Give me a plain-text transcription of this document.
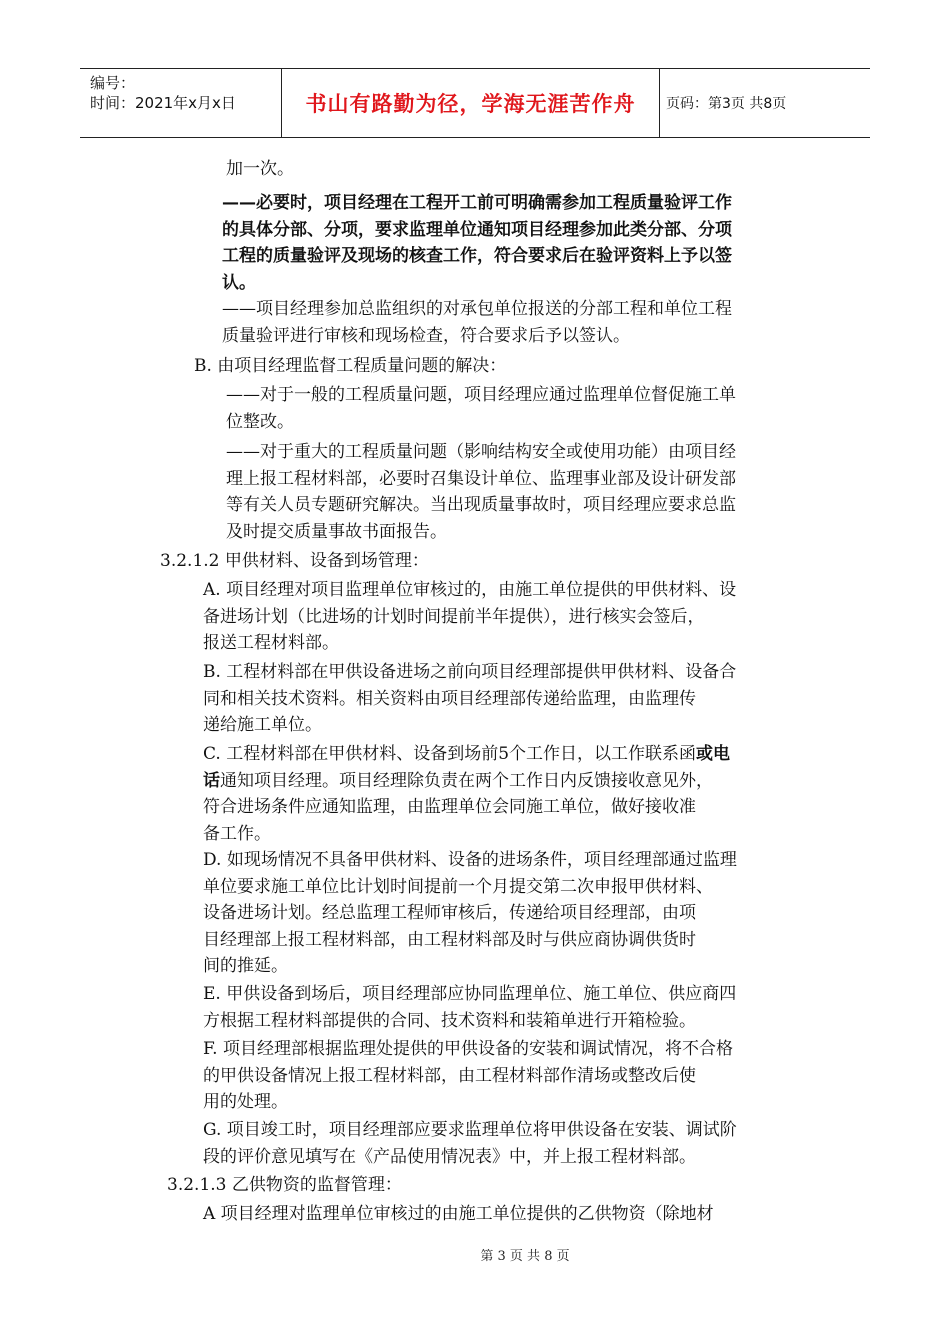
编号：
时间：2021年x月x日	书山有路勤为径，学海无涯苦作舟 页码：第3页 共8页
加一次。
——必要时，项目经理在工程开工前可明确需参加工程质量验评工作
的具体分部、分项，要求监理单位通知项目经理参加此类分部、分项
工程的质量验评及现场的核查工作，符合要求后在验评资料上予以签
认。
——项目经理参加总监组织的对承包单位报送的分部工程和单位工程
质量验评进行审核和现场检查，符合要求后予以签认。
B. 由项目经理监督工程质量问题的解决：
——对于一般的工程质量问题，项目经理应通过监理单位督促施工单
位整改。
——对于重大的工程质量问题（影响结构安全或使用功能）由项目经
理上报工程材料部，必要时召集设计单位、监理事业部及设计研发部
等有关人员专题研究解决。当出现质量事故时，项目经理应要求总监
及时提交质量事故书面报告。
3.2.1.2 甲供材料、设备到场管理：
A. 项目经理对项目监理单位审核过的，由施工单位提供的甲供材料、设
备进场计划（比进场的计划时间提前半年提供），进行核实会签后，
报送工程材料部。
B. 工程材料部在甲供设备进场之前向项目经理部提供甲供材料、设备合
同和相关技术资料。相关资料由项目经理部传递给监理，由监理传
递给施工单位。
C. 工程材料部在甲供材料、设备到场前5个工作日，以工作联系函或电
话通知项目经理。项目经理除负责在两个工作日内反馈接收意见外，
符合进场条件应通知监理，由监理单位会同施工单位，做好接收准
备工作。
D. 如现场情况不具备甲供材料、设备的进场条件，项目经理部通过监理
单位要求施工单位比计划时间提前一个月提交第二次申报甲供材料、
设备进场计划。经总监理工程师审核后，传递给项目经理部，由项
目经理部上报工程材料部，由工程材料部及时与供应商协调供货时
间的推延。
E. 甲供设备到场后，项目经理部应协同监理单位、施工单位、供应商四
方根据工程材料部提供的合同、技术资料和装箱单进行开箱检验。
F. 项目经理部根据监理处提供的甲供设备的安装和调试情况，将不合格
的甲供设备情况上报工程材料部，由工程材料部作清场或整改后使
用的处理。
G. 项目竣工时，项目经理部应要求监理单位将甲供设备在安装、调试阶
段的评价意见填写在《产品使用情况表》中，并上报工程材料部。
3.2.1.3 乙供物资的监督管理：
A 项目经理对监理单位审核过的由施工单位提供的乙供物资（除地材
第 3 页 共 8 页
